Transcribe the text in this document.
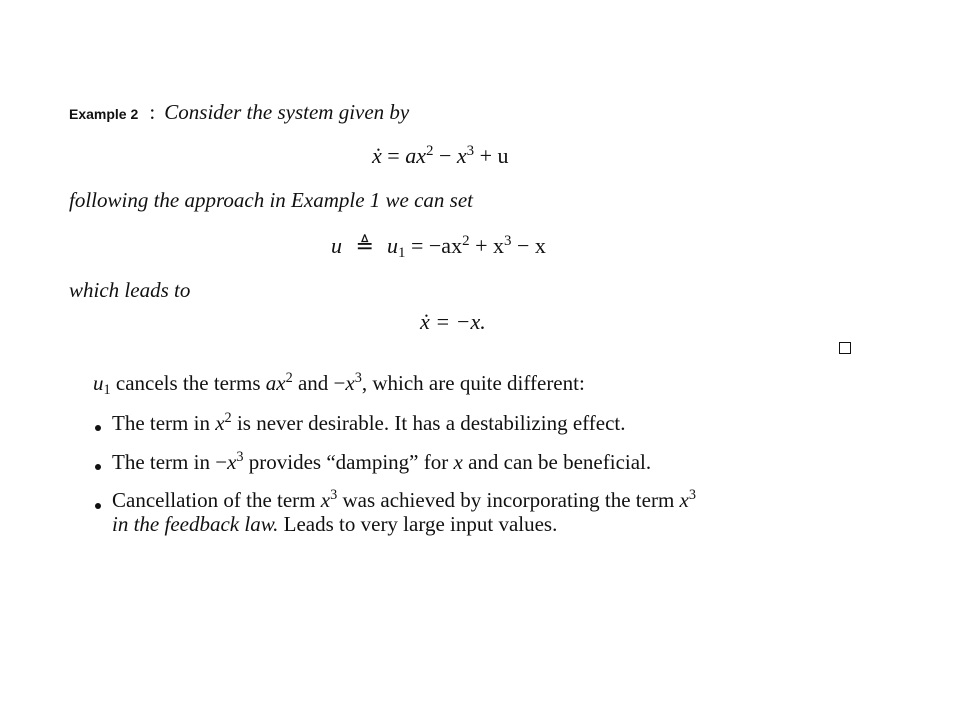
Example 2 : Consider the system given by
ẋ = $ax^2 - x^3 + u$
following the approach in Example 1 we can set
u ≜ $u_1 = -ax^2 + x^3 - x$
which leads to
ẋ = −x.
$u_1$ cancels the terms $ax^2$ and $-x^3$, which are quite different:
The term in $x^2$ is never desirable. It has a destabilizing effect.
The term in $-x^3$ provides “damping” for x and can be beneficial.
Cancellation of the term $x^3$ was achieved by incorporating the term $x^3$
in the feedback law. Leads to very large input values.
